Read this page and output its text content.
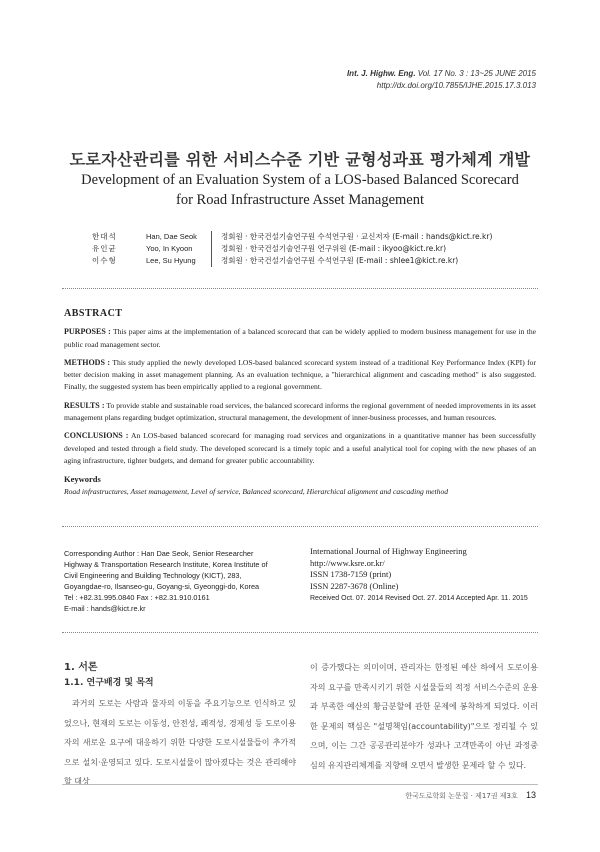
Int. J. Highw. Eng. Vol. 17 No. 3 : 13~25 JUNE 2015
http://dx.doi.org/10.7855/IJHE.2015.17.3.013
도로자산관리를 위한 서비스수준 기반 균형성과표 평가체계 개발
Development of an Evaluation System of a LOS-based Balanced Scorecard
for Road Infrastructure Asset Management
한대석	Han, Dae Seok	정회원 · 한국건설기술연구원 수석연구원 · 교신저자 (E-mail : hands@kict.re.kr)
유인균	Yoo, In Kyoon	정회원 · 한국건설기술연구원 연구위원 (E-mail : ikyoo@kict.re.kr)
이수형	Lee, Su Hyung	정회원 · 한국건설기술연구원 수석연구원 (E-mail : shlee1@kict.re.kr)
ABSTRACT

PURPOSES : This paper aims at the implementation of a balanced scorecard that can be widely applied to modern business management for use in the public road management sector.

METHODS : This study applied the newly developed LOS-based balanced scorecard system instead of a traditional Key Performance Index (KPI) for better decision making in asset management planning. As an evaluation technique, a "hierarchical alignment and cascading method" is also suggested. Finally, the suggested system has been empirically applied to a regional government.

RESULTS : To provide stable and sustainable road services, the balanced scorecard informs the regional government of needed improvements in its asset management plans regarding budget optimization, structural management, the development of inner-business processes, and human resources.

CONCLUSIONS : An LOS-based balanced scorecard for managing road services and organizations in a quantitative manner has been successfully developed and tested through a field study. The developed scorecard is a timely topic and a useful analytical tool for coping with the new phases of an aging infrastructure, tighter budgets, and demand for greater public accountability.

Keywords
Road infrastructures, Asset management, Level of service, Balanced scorecard, Hierarchical alignment and cascading method
Corresponding Author : Han Dae Seok, Senior Researcher
Highway & Transportation Research Institute, Korea Institute of
Civil Engineering and Building Technology (KICT), 283,
Goyangdae-ro, Ilsanseo-gu, Goyang-si, Gyeonggi-do, Korea
Tel : +82.31.995.0840 Fax : +82.31.910.0161
E-mail : hands@kict.re.kr
International Journal of Highway Engineering
http://www.ksre.or.kr/
ISSN 1738-7159 (print)
ISSN 2287-3678 (Online)
Received Oct. 07. 2014 Revised Oct. 27. 2014 Accepted Apr. 11. 2015
1. 서론
1.1. 연구배경 및 목적
과거의 도로는 사람과 물자의 이동을 주요기능으로 인식하고 있었으나, 현재의 도로는 이동성, 안전성, 쾌적성, 경제성 등 도로이용자의 새로운 요구에 대응하기 위한 다양한 도로시설물들이 추가적으로 설치·운영되고 있다. 도로시설물이 많아졌다는 것은 관리해야 할 대상
이 증가했다는 의미이며, 관리자는 한정된 예산 하에서 도로이용자의 요구를 만족시키기 위한 시설물들의 적정 서비스수준의 운용과 부족한 예산의 황금분할에 관한 문제에 봉착하게 되었다. 이러한 문제의 핵심은 "설명책임(accountability)"으로 정리될 수 있으며, 이는 그간 공공관리분야가 성과나 고객만족이 아닌 과정중심의 유지관리체계를 지향해 오면서 발생한 문제라 할 수 있다.
한국도로학회 논문집 · 제17권 제3호 13
